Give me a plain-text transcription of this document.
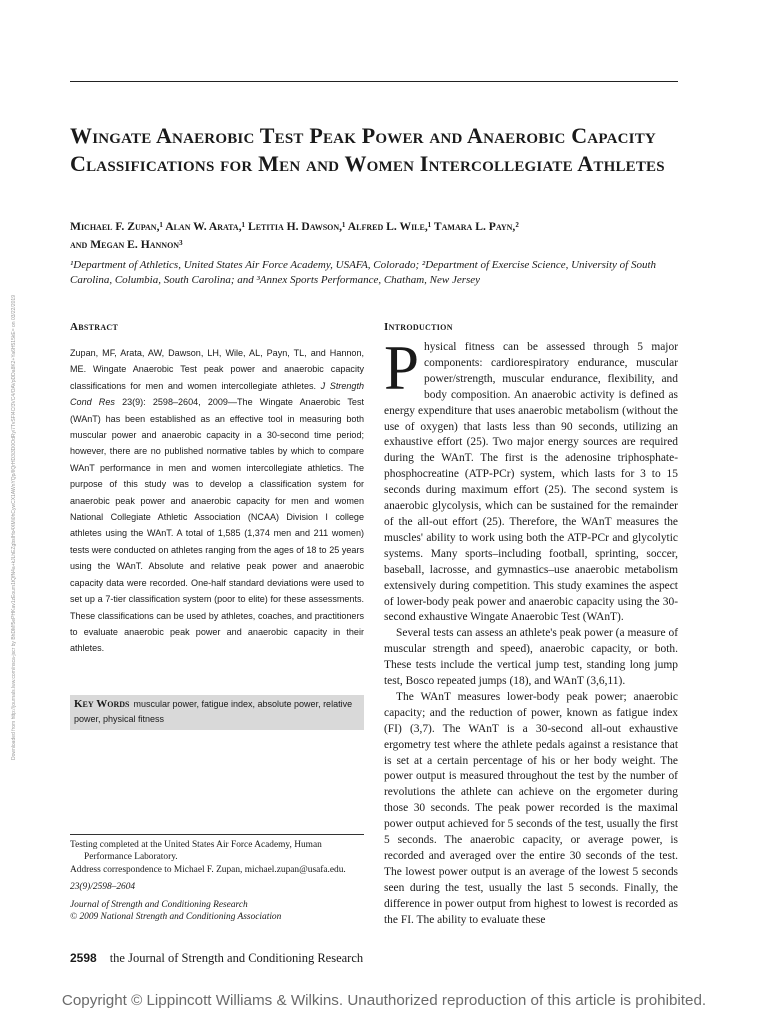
Downloaded from http://journals.lww.com/nsca-jscr by BhDMf5ePHKav1zEoum1tQfN4a+kJLhEZgbsIHo4XMi0hCywCX1AWnYQp/IlQrHD3i3D0OdRyi7TvSFl4Cf3VC4/OAVpDDa8K2+Ya6H515kE= on 03/22/2019
Wingate Anaerobic Test Peak Power and Anaerobic Capacity Classifications for Men and Women Intercollegiate Athletes
Michael F. Zupan,¹ Alan W. Arata,¹ Letitia H. Dawson,¹ Alfred L. Wile,¹ Tamara L. Payn,²
and Megan E. Hannon³

¹Department of Athletics, United States Air Force Academy, USAFA, Colorado; ²Department of Exercise Science, University of South Carolina, Columbia, South Carolina; and ³Annex Sports Performance, Chatham, New Jersey

Abstract	Introduction

Zupan, MF, Arata, AW, Dawson, LH, Wile, AL, Payn, TL, and Hannon, ME. Wingate Anaerobic Test peak power and anaerobic capacity classifications for men and women intercollegiate athletes. J Strength Cond Res 23(9): 2598–2604, 2009—The Wingate Anaerobic Test (WAnT) has been established as an effective tool in measuring both muscular power and anaerobic capacity in a 30-second time period; however, there are no published normative tables by which to compare WAnT performance in men and women intercollegiate athletics. The purpose of this study was to develop a classification system for anaerobic peak power and anaerobic capacity for men and women National Collegiate Athletic Association (NCAA) Division I college athletes using the WAnT. A total of 1,585 (1,374 men and 211 women) tests were conducted on athletes ranging from the ages of 18 to 25 years using the WAnT. Absolute and relative peak power and anaerobic capacity data were recorded. One-half standard deviations were used to set up a 7-tier classification system (poor to elite) for these assessments. These classifications can be used by athletes, coaches, and practitioners to evaluate anaerobic peak power and anaerobic capacity in their athletes.

Key Words muscular power, fatigue index, absolute power, relative power, physical fitness

Physical fitness can be assessed through 5 major components: cardiorespiratory endurance, muscular power/strength, muscular endurance, flexibility, and body composition. An anaerobic activity is defined as energy expenditure that uses anaerobic metabolism (without the use of oxygen) that lasts less than 90 seconds, utilizing an exhaustive effort (25). Two major energy sources are required during the WAnT. The first is the adenosine triphosphate-phosphocreatine (ATP-PCr) system, which lasts for 3 to 15 seconds during maximum effort (25). The second system is anaerobic glycolysis, which can be sustained for the remainder of the all-out effort (25). Therefore, the WAnT measures the muscles' ability to work using both the ATP-PCr and glycolytic systems. Many sports–including football, sprinting, soccer, baseball, lacrosse, and gymnastics–use anaerobic metabolism extensively during competition. This study examines the aspect of lower-body peak power and anaerobic capacity using the 30-second exhaustive Wingate Anaerobic Test (WAnT).

Several tests can assess an athlete's peak power (a measure of muscular strength and speed), anaerobic capacity, or both. These tests include the vertical jump test, standing long jump test, Bosco repeated jumps (18), and WAnT (3,6,11).

The WAnT measures lower-body peak power; anaerobic capacity; and the reduction of power, known as fatigue index (FI) (3,7). The WAnT is a 30-second all-out exhaustive ergometry test where the athlete pedals against a resistance that is set at a certain percentage of his or her body weight. The power output is measured throughout the test by the number of revolutions the athlete can achieve on the ergometer during those 30 seconds. The peak power recorded is the maximal power output achieved for 5 seconds of the test, usually the first 5 seconds. The anaerobic capacity, or average power, is recorded and averaged over the entire 30 seconds of the test. The lowest power output is an average of the lowest 5 seconds seen during the test, usually the last 5 seconds. Finally, the difference in power output from highest to lowest is recorded as the FI. The ability to evaluate these

Testing completed at the United States Air Force Academy, Human Performance Laboratory.

Address correspondence to Michael F. Zupan, michael.zupan@usafa.edu.

23(9)/2598–2604

Journal of Strength and Conditioning Research

© 2009 National Strength and Conditioning Association

2598 the Journal of Strength and Conditioning Research
Copyright © Lippincott Williams & Wilkins. Unauthorized reproduction of this article is prohibited.
